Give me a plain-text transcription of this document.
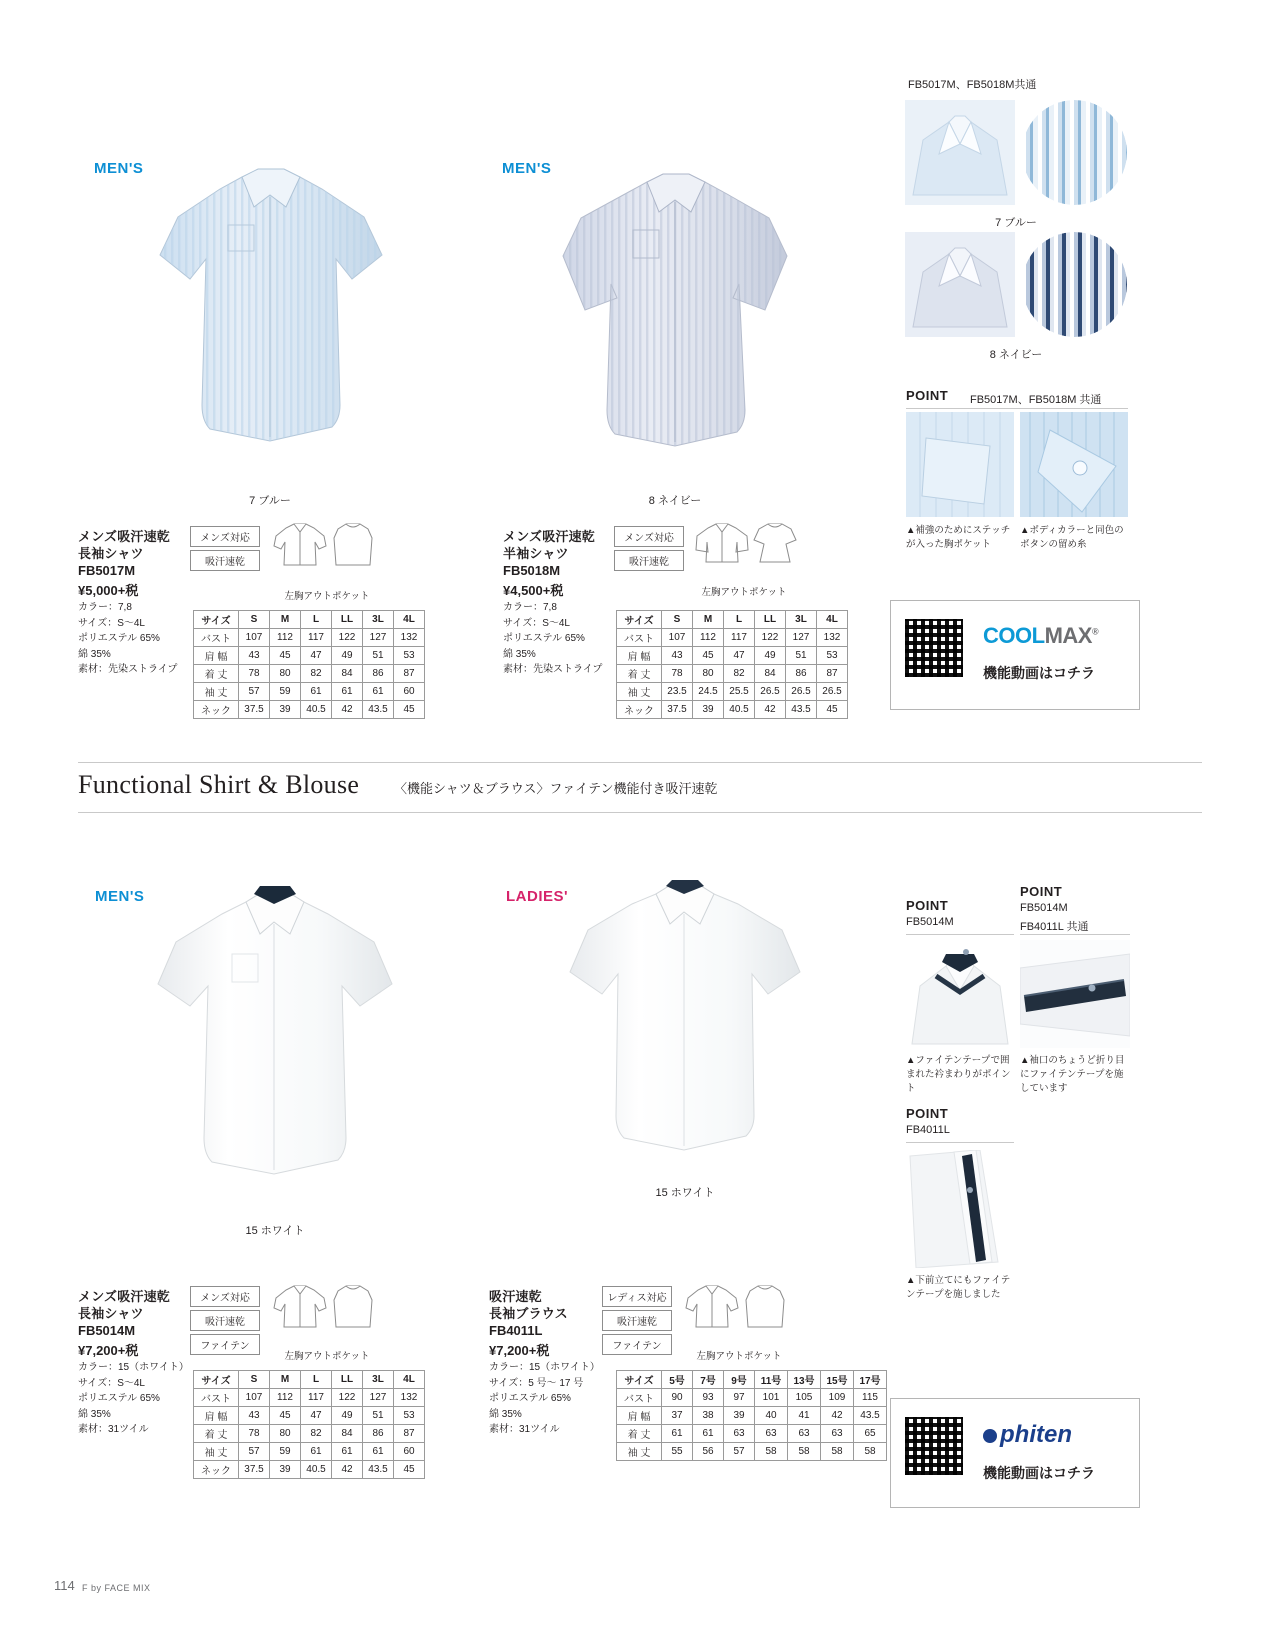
MEN'S
7 ブルー
メンズ吸汗速乾
長袖シャツ
FB5017M
¥5,000+税
カラー：7,8
サイズ：S～4L
ポリエステル 65%
綿 35%
素材：先染ストライプ
メンズ対応
吸汗速乾
左胸アウトポケット
サイズ	S	M	L	LL	3L	4L
バスト	107	112	117	122	127	132
肩 幅	43	45	47	49	51	53
着 丈	78	80	82	84	86	87
袖 丈	57	59	61	61	61	60
ネック	37.5	39	40.5	42	43.5	45
MEN'S
8 ネイビー
メンズ吸汗速乾
半袖シャツ
FB5018M
¥4,500+税
カラー：7,8
サイズ：S～4L
ポリエステル 65%
綿 35%
素材：先染ストライプ
メンズ対応
吸汗速乾
左胸アウトポケット
サイズ	S	M	L	LL	3L	4L
バスト	107	112	117	122	127	132
肩 幅	43	45	47	49	51	53
着 丈	78	80	82	84	86	87
袖 丈	23.5	24.5	25.5	26.5	26.5	26.5
ネック	37.5	39	40.5	42	43.5	45
FB5017M、FB5018M共通
7 ブルー
8 ネイビー
POINT FB5017M、FB5018M 共通
▲補強のためにステッチが入った胸ポケット
▲ボディカラーと同色のボタンの留め糸
COOLMAX®
機能動画はコチラ
Functional Shirt & Blouse	〈機能シャツ＆ブラウス〉ファイテン機能付き吸汗速乾
MEN'S
15 ホワイト
メンズ吸汗速乾
長袖シャツ
FB5014M
¥7,200+税
カラー：15（ホワイト）
サイズ：S～4L
ポリエステル 65%
綿 35%
素材：31ツイル
メンズ対応
吸汗速乾
ファイテン
左胸アウトポケット
サイズ	S	M	L	LL	3L	4L
バスト	107	112	117	122	127	132
肩 幅	43	45	47	49	51	53
着 丈	78	80	82	84	86	87
袖 丈	57	59	61	61	61	60
ネック	37.5	39	40.5	42	43.5	45
LADIES'
15 ホワイト
吸汗速乾
長袖ブラウス
FB4011L
¥7,200+税
カラー：15（ホワイト）
サイズ：5 号～ 17 号
ポリエステル 65%
綿 35%
素材：31ツイル
レディス対応
吸汗速乾
ファイテン
左胸アウトポケット
サイズ	5号	7号	9号	11号	13号	15号	17号
バスト	90	93	97	101	105	109	115
肩 幅	37	38	39	40	41	42	43.5
着 丈	61	61	63	63	63	63	65
袖 丈	55	56	57	58	58	58	58
POINT
FB5014M
POINT
FB5014M
FB4011L 共通
▲ファイテンテープで囲まれた衿まわりがポイント
▲袖口のちょうど折り目にファイテンテープを施しています
POINT
FB4011L
▲下前立てにもファイテンテープを施しました
phiten
機能動画はコチラ
114 F by FACE MIX
